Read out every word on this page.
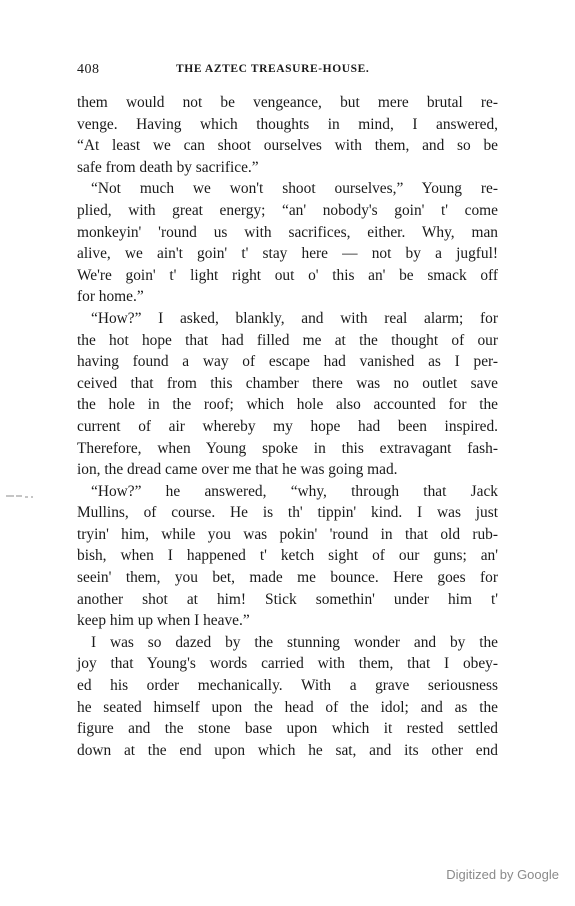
408	THE AZTEC TREASURE-HOUSE.
them would not be vengeance, but mere brutal re-
venge. Having which thoughts in mind, I answered,
“At least we can shoot ourselves with them, and so be
safe from death by sacrifice.”
“Not much we won't shoot ourselves,” Young re-
plied, with great energy; “an' nobody's goin' t' come
monkeyin' 'round us with sacrifices, either. Why, man
alive, we ain't goin' t' stay here — not by a jugful!
We're goin' t' light right out o' this an' be smack off
for home.”
“How?” I asked, blankly, and with real alarm; for
the hot hope that had filled me at the thought of our
having found a way of escape had vanished as I per-
ceived that from this chamber there was no outlet save
the hole in the roof; which hole also accounted for the
current of air whereby my hope had been inspired.
Therefore, when Young spoke in this extravagant fash-
ion, the dread came over me that he was going mad.
“How?” he answered, “why, through that Jack
Mullins, of course. He is th' tippin' kind. I was just
tryin' him, while you was pokin' 'round in that old rub-
bish, when I happened t' ketch sight of our guns; an'
seein' them, you bet, made me bounce. Here goes for
another shot at him! Stick somethin' under him t'
keep him up when I heave.”
I was so dazed by the stunning wonder and by the
joy that Young's words carried with them, that I obey-
ed his order mechanically. With a grave seriousness
he seated himself upon the head of the idol; and as the
figure and the stone base upon which it rested settled
down at the end upon which he sat, and its other end
Digitized by Google
